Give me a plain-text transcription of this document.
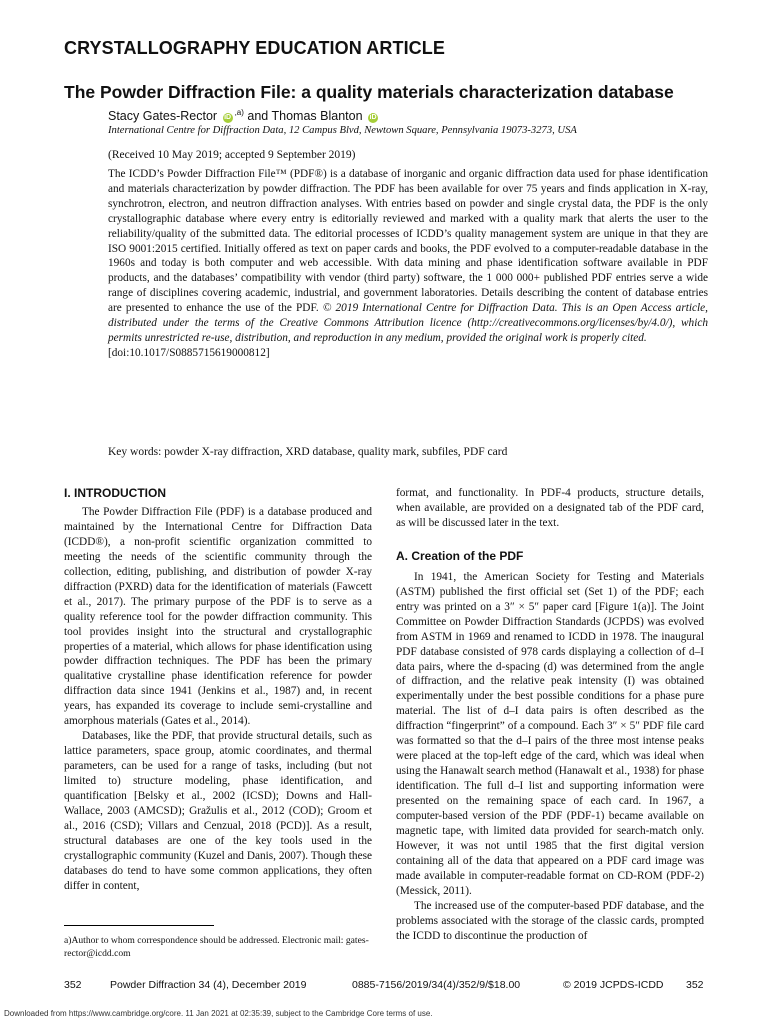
CRYSTALLOGRAPHY EDUCATION ARTICLE
The Powder Diffraction File: a quality materials characterization database
Stacy Gates-Rector $iD^{,a)}$ and Thomas Blanton iD
International Centre for Diffraction Data, 12 Campus Blvd, Newtown Square, Pennsylvania 19073-3273, USA
(Received 10 May 2019; accepted 9 September 2019)
The ICDD’s Powder Diffraction File™ (PDF®) is a database of inorganic and organic diffraction data used for phase identification and materials characterization by powder diffraction. The PDF has been available for over 75 years and finds application in X-ray, synchrotron, electron, and neutron diffraction analyses. With entries based on powder and single crystal data, the PDF is the only crystallographic database where every entry is editorially reviewed and marked with a quality mark that alerts the user to the reliability/quality of the submitted data. The editorial processes of ICDD’s quality management system are unique in that they are ISO 9001:2015 certified. Initially offered as text on paper cards and books, the PDF evolved to a computer-readable database in the 1960s and today is both computer and web accessible. With data mining and phase identification software available in PDF products, and the databases’ compatibility with vendor (third party) software, the 1 000 000+ published PDF entries serve a wide range of disciplines covering academic, industrial, and government laboratories. Details describing the content of database entries are presented to enhance the use of the PDF. © 2019 International Centre for Diffraction Data. This is an Open Access article, distributed under the terms of the Creative Commons Attribution licence (http://creativecommons.org/licenses/by/4.0/), which permits unrestricted re-use, distribution, and reproduction in any medium, provided the original work is properly cited.
[doi:10.1017/S0885715619000812]
Key words: powder X-ray diffraction, XRD database, quality mark, subfiles, PDF card
I. INTRODUCTION

The Powder Diffraction File (PDF) is a database produced and maintained by the International Centre for Diffraction Data (ICDD®), a non-profit scientific organization committed to meeting the needs of the scientific community through the collection, editing, publishing, and distribution of powder X-ray diffraction (PXRD) data for the identification of materials (Fawcett et al., 2017). The primary purpose of the PDF is to serve as a quality reference tool for the powder diffraction community. This tool provides insight into the structural and crystallographic properties of a material, which allows for phase identification using powder diffraction techniques. The PDF has been the primary qualitative crystalline phase identification reference for powder diffraction data since 1941 (Jenkins et al., 1987) and, in recent years, has expanded its coverage to include semi-crystalline and amorphous materials (Gates et al., 2014).

Databases, like the PDF, that provide structural details, such as lattice parameters, space group, atomic coordinates, and thermal parameters, can be used for a range of tasks, including (but not limited to) structure modeling, phase identification, and quantification [Belsky et al., 2002 (ICSD); Downs and Hall-Wallace, 2003 (AMCSD); Gražulis et al., 2012 (COD); Groom et al., 2016 (CSD); Villars and Cenzual, 2018 (PCD)]. As a result, structural databases are one of the key tools used in the crystallographic community (Kuzel and Danis, 2007). Though these databases do tend to have some common applications, they often differ in content,

format, and functionality. In PDF-4 products, structure details, when available, are provided on a designated tab of the PDF card, as will be discussed later in the text.

A. Creation of the PDF

In 1941, the American Society for Testing and Materials (ASTM) published the first official set (Set 1) of the PDF; each entry was printed on a 3″ × 5″ paper card [Figure 1(a)]. The Joint Committee on Powder Diffraction Standards (JCPDS) was evolved from ASTM in 1969 and renamed to ICDD in 1978. The inaugural PDF database consisted of 978 cards displaying a collection of d–I data pairs, where the d-spacing (d) was determined from the angle of diffraction, and the relative peak intensity (I) was obtained experimentally under the best possible conditions for a phase pure material. The list of d–I data pairs is often described as the diffraction “fingerprint” of a compound. Each 3″ × 5″ PDF file card was formatted so that the d–I pairs of the three most intense peaks were placed at the top-left edge of the card, which was ideal when using the Hanawalt search method (Hanawalt et al., 1938) for phase identification. The full d–I list and supporting information were presented on the remaining space of each card. In 1967, a computer-based version of the PDF (PDF-1) became available on magnetic tape, with limited data provided for search-match only. However, it was not until 1985 that the first digital version containing all of the data that appeared on a PDF card image was made available in computer-readable format on CD-ROM (PDF-2) (Messick, 2011).

The increased use of the computer-based PDF database, and the problems associated with the storage of the classic cards, prompted the ICDD to discontinue the production of

a)Author to whom correspondence should be addressed. Electronic mail: gates-rector@icdd.com
352	Powder Diffraction 34 (4), December 2019	0885-7156/2019/34(4)/352/9/$18.00	© 2019 JCPDS-ICDD 352
Downloaded from https://www.cambridge.org/core. 11 Jan 2021 at 02:35:39, subject to the Cambridge Core terms of use.
